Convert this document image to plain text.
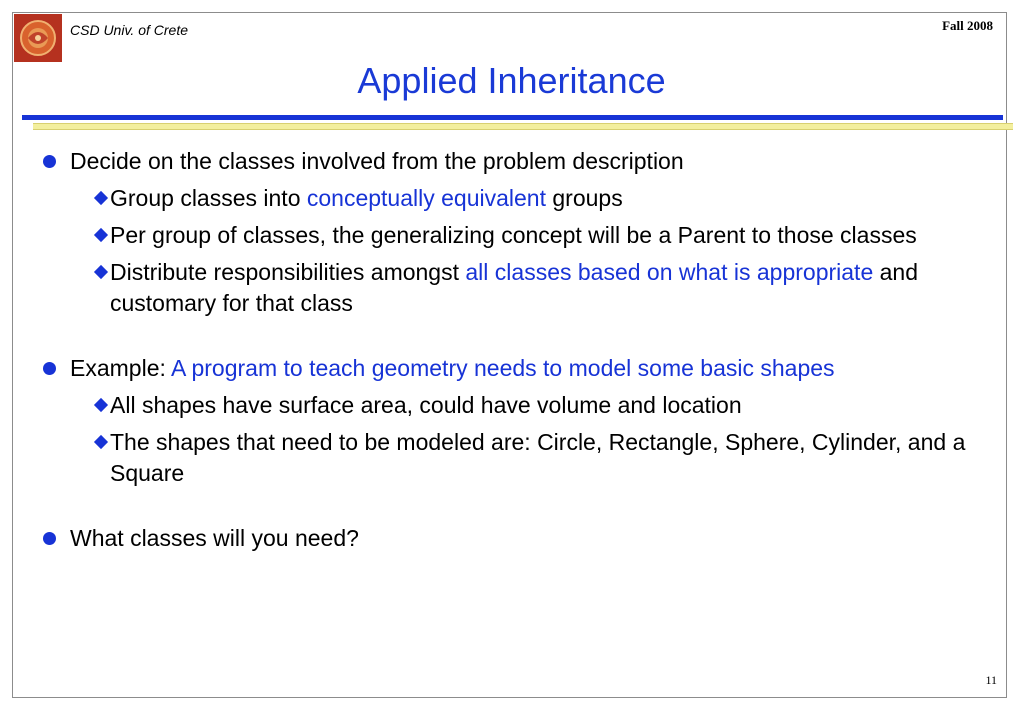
CSD Univ. of Crete	Fall 2008
Applied Inheritance
Decide on the classes involved from the problem description
Group classes into conceptually equivalent groups
Per group of classes, the generalizing concept will be a Parent to those classes
Distribute responsibilities amongst all classes based on what is appropriate and customary for that class
Example: A program to teach geometry needs to model some basic shapes
All shapes have surface area, could have volume and location
The shapes that need to be modeled are: Circle, Rectangle, Sphere, Cylinder, and a Square
What classes will you need?
11
